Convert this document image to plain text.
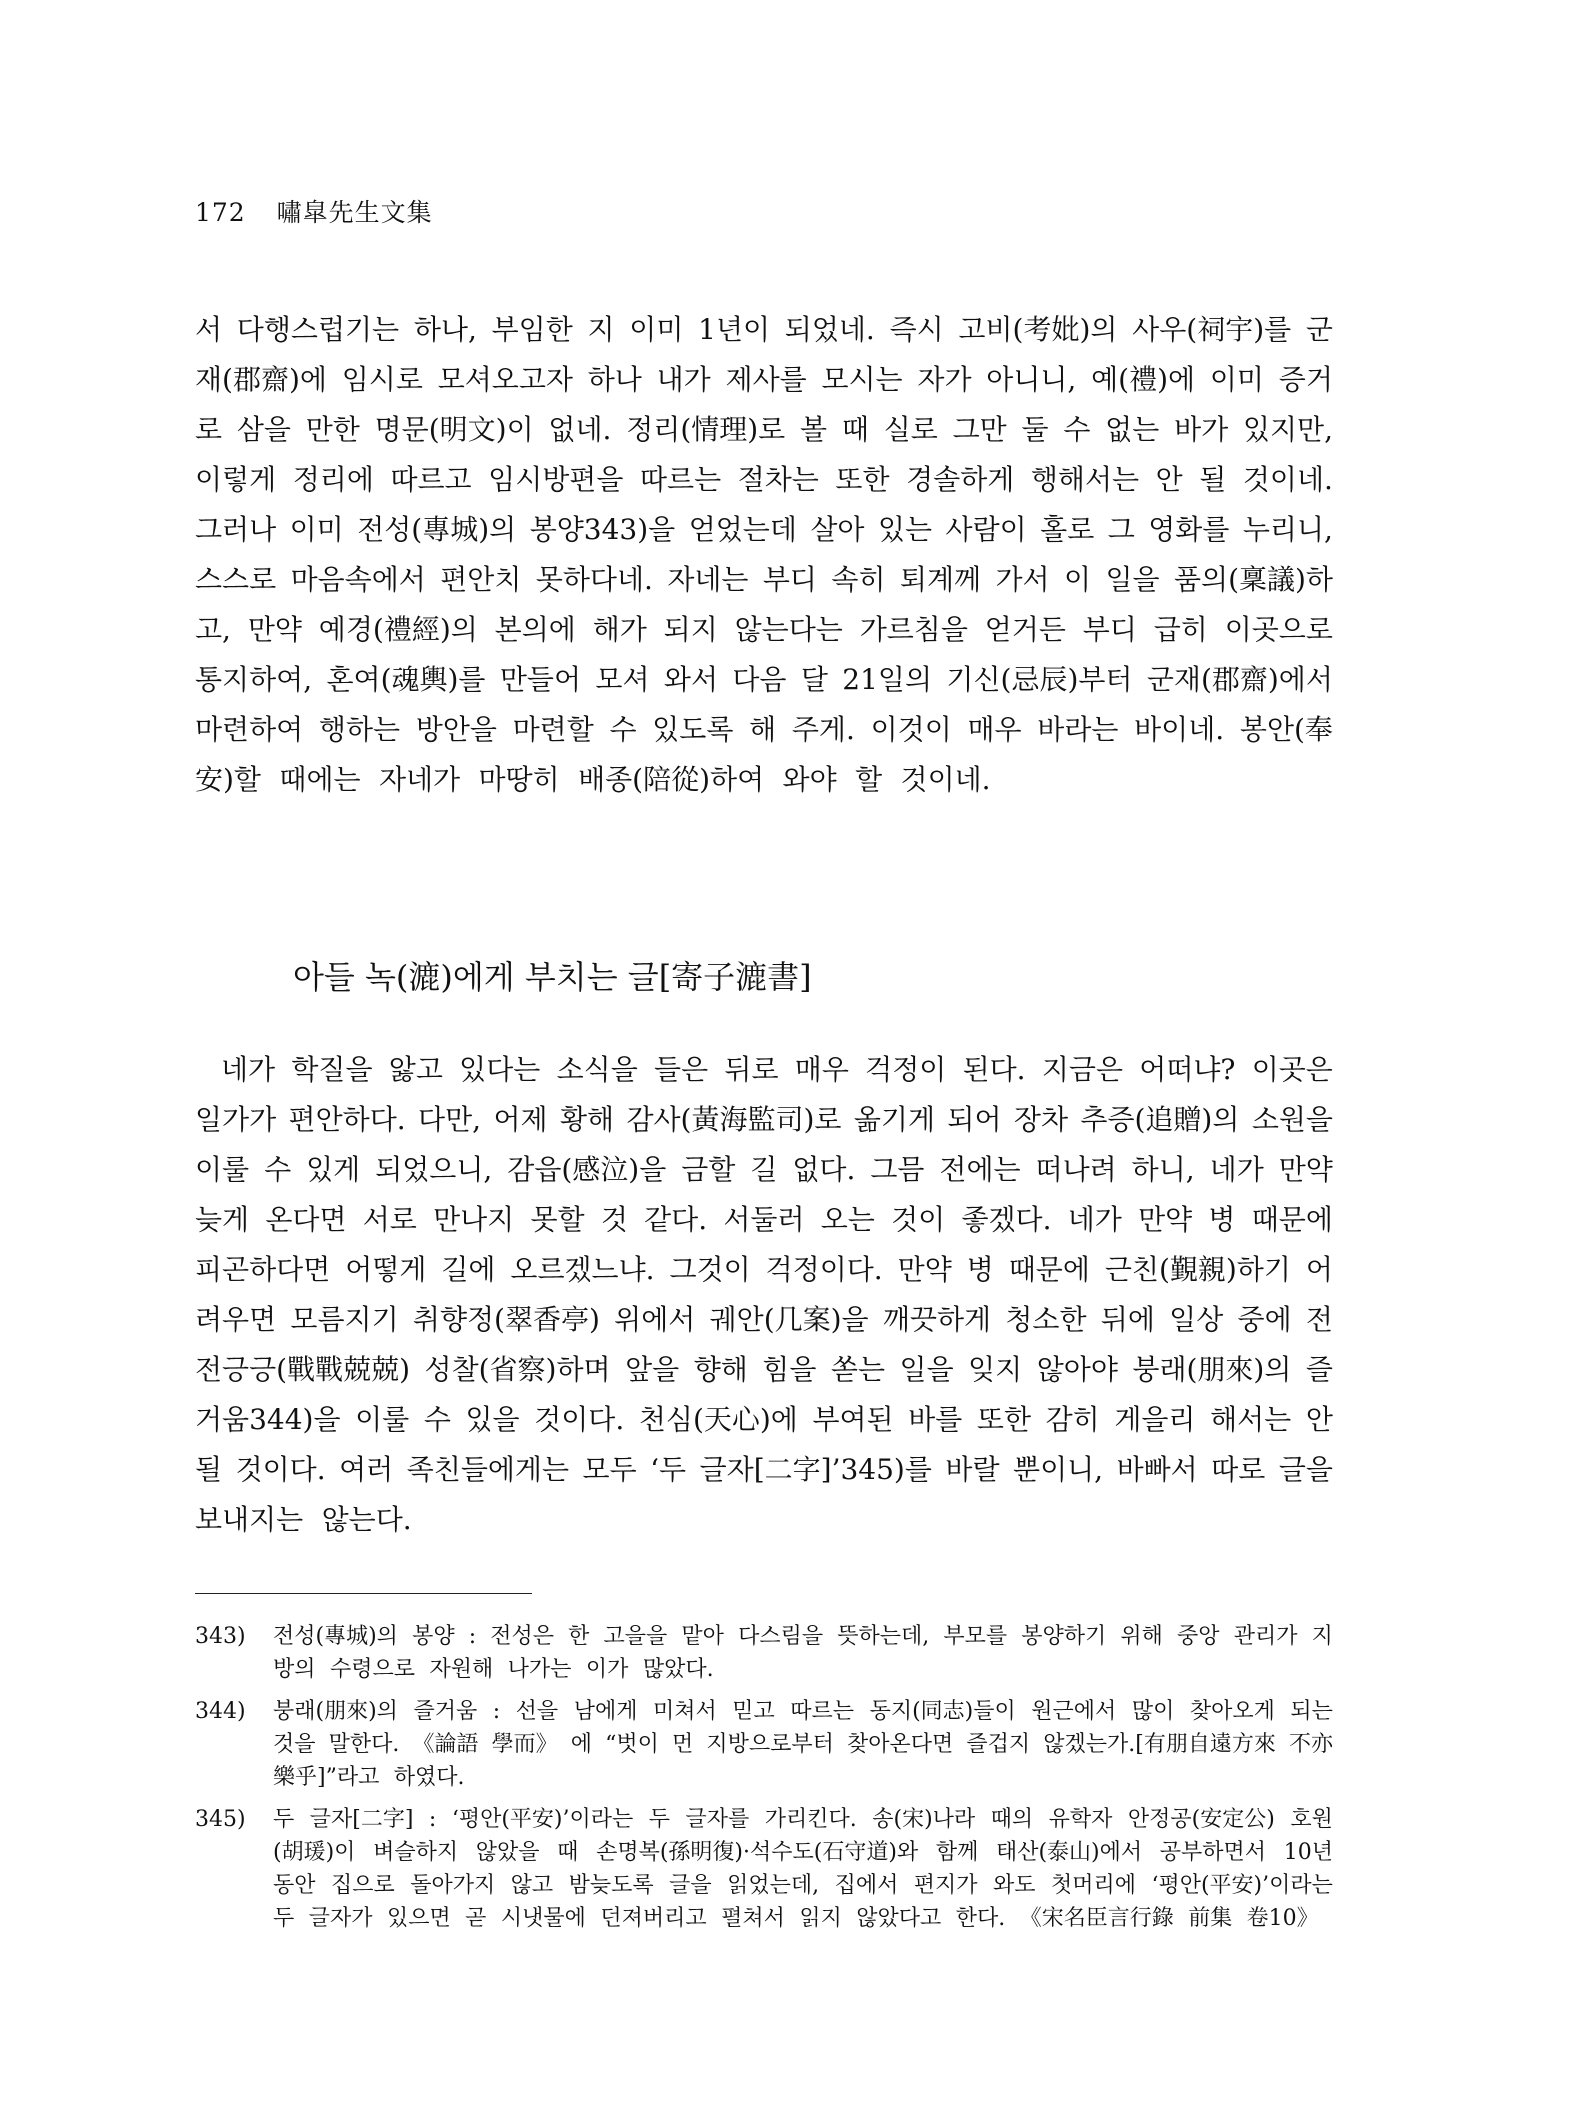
172 嘯皐先生文集
서 다행스럽기는 하나, 부임한 지 이미 1년이 되었네. 즉시 고비(考妣)의 사우(祠宇)를 군
재(郡齋)에 임시로 모셔오고자 하나 내가 제사를 모시는 자가 아니니, 예(禮)에 이미 증거
로 삼을 만한 명문(明文)이 없네. 정리(情理)로 볼 때 실로 그만 둘 수 없는 바가 있지만,
이렇게 정리에 따르고 임시방편을 따르는 절차는 또한 경솔하게 행해서는 안 될 것이네.
그러나 이미 전성(專城)의 봉양343)을 얻었는데 살아 있는 사람이 홀로 그 영화를 누리니,
스스로 마음속에서 편안치 못하다네. 자네는 부디 속히 퇴계께 가서 이 일을 품의(稟議)하
고, 만약 예경(禮經)의 본의에 해가 되지 않는다는 가르침을 얻거든 부디 급히 이곳으로
통지하여, 혼여(魂輿)를 만들어 모셔 와서 다음 달 21일의 기신(忌辰)부터 군재(郡齋)에서
마련하여 행하는 방안을 마련할 수 있도록 해 주게. 이것이 매우 바라는 바이네. 봉안(奉
安)할 때에는 자네가 마땅히 배종(陪從)하여 와야 할 것이네.
아들 녹(漉)에게 부치는 글[寄子漉書]
네가 학질을 앓고 있다는 소식을 들은 뒤로 매우 걱정이 된다. 지금은 어떠냐? 이곳은
일가가 편안하다. 다만, 어제 황해 감사(黃海監司)로 옮기게 되어 장차 추증(追贈)의 소원을
이룰 수 있게 되었으니, 감읍(感泣)을 금할 길 없다. 그믐 전에는 떠나려 하니, 네가 만약
늦게 온다면 서로 만나지 못할 것 같다. 서둘러 오는 것이 좋겠다. 네가 만약 병 때문에
피곤하다면 어떻게 길에 오르겠느냐. 그것이 걱정이다. 만약 병 때문에 근친(覲親)하기 어
려우면 모름지기 취향정(翠香亭) 위에서 궤안(几案)을 깨끗하게 청소한 뒤에 일상 중에 전
전긍긍(戰戰兢兢) 성찰(省察)하며 앞을 향해 힘을 쏟는 일을 잊지 않아야 붕래(朋來)의 즐
거움344)을 이룰 수 있을 것이다. 천심(天心)에 부여된 바를 또한 감히 게을리 해서는 안
될 것이다. 여러 족친들에게는 모두 ‘두 글자[二字]’345)를 바랄 뿐이니, 바빠서 따로 글을
보내지는 않는다.
343) 전성(專城)의 봉양 : 전성은 한 고을을 맡아 다스림을 뜻하는데, 부모를 봉양하기 위해 중앙 관리가 지
방의 수령으로 자원해 나가는 이가 많았다.
344) 붕래(朋來)의 즐거움 : 선을 남에게 미쳐서 믿고 따르는 동지(同志)들이 원근에서 많이 찾아오게 되는
것을 말한다. 《論語 學而》 에 “벗이 먼 지방으로부터 찾아온다면 즐겁지 않겠는가.[有朋自遠方來 不亦
樂乎]”라고 하였다.
345) 두 글자[二字] : ‘평안(平安)’이라는 두 글자를 가리킨다. 송(宋)나라 때의 유학자 안정공(安定公) 호원
(胡瑗)이 벼슬하지 않았을 때 손명복(孫明復)·석수도(石守道)와 함께 태산(泰山)에서 공부하면서 10년
동안 집으로 돌아가지 않고 밤늦도록 글을 읽었는데, 집에서 편지가 와도 첫머리에 ‘평안(平安)’이라는
두 글자가 있으면 곧 시냇물에 던져버리고 펼쳐서 읽지 않았다고 한다. 《宋名臣言行錄 前集 卷10》
